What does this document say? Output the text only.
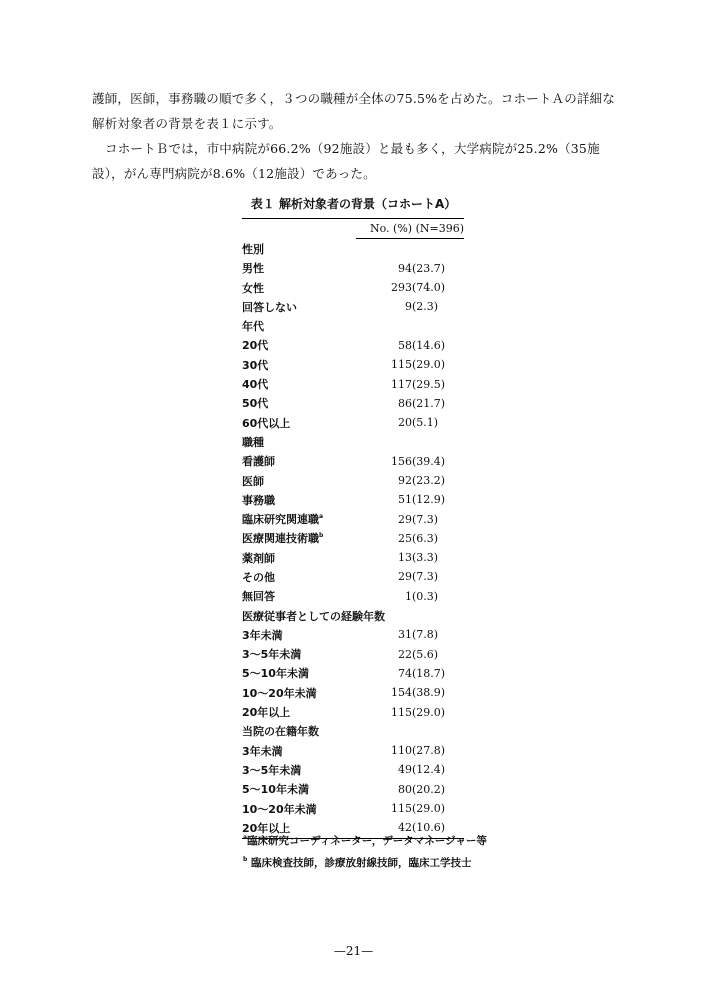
護師，医師，事務職の順で多く，３つの職種が全体の75.5%を占めた。コホートＡの詳細な解析対象者の背景を表１に示す。

コホートＢでは，市中病院が66.2%（92施設）と最も多く，大学病院が25.2%（35施設），がん専門病院が8.6%（12施設）であった。

表１ 解析対象者の背景（コホートA）
	No. (%) (N=396)	
性別		
男性	94	(23.7)
女性	293	(74.0)
回答しない	9	(2.3)
年代		
20代	58	(14.6)
30代	115	(29.0)
40代	117	(29.5)
50代	86	(21.7)
60代以上	20	(5.1)
職種		
看護師	156	(39.4)
医師	92	(23.2)
事務職	51	(12.9)
臨床研究関連職$^a$	29	(7.3)
医療関連技術職$^b$	25	(6.3)
薬剤師	13	(3.3)
その他	29	(7.3)
無回答	1	(0.3)
医療従事者としての経験年数		
3年未満	31	(7.8)
3～5年未満	22	(5.6)
5～10年未満	74	(18.7)
10～20年未満	154	(38.9)
20年以上	115	(29.0)
当院の在籍年数		
3年未満	110	(27.8)
3～5年未満	49	(12.4)
5～10年未満	80	(20.2)
10～20年未満	115	(29.0)
20年以上	42	(10.6)
$^a$臨床研究コーディネーター，データマネージャー等
$^b$ 臨床検査技師，診療放射線技師，臨床工学技士
—21—
